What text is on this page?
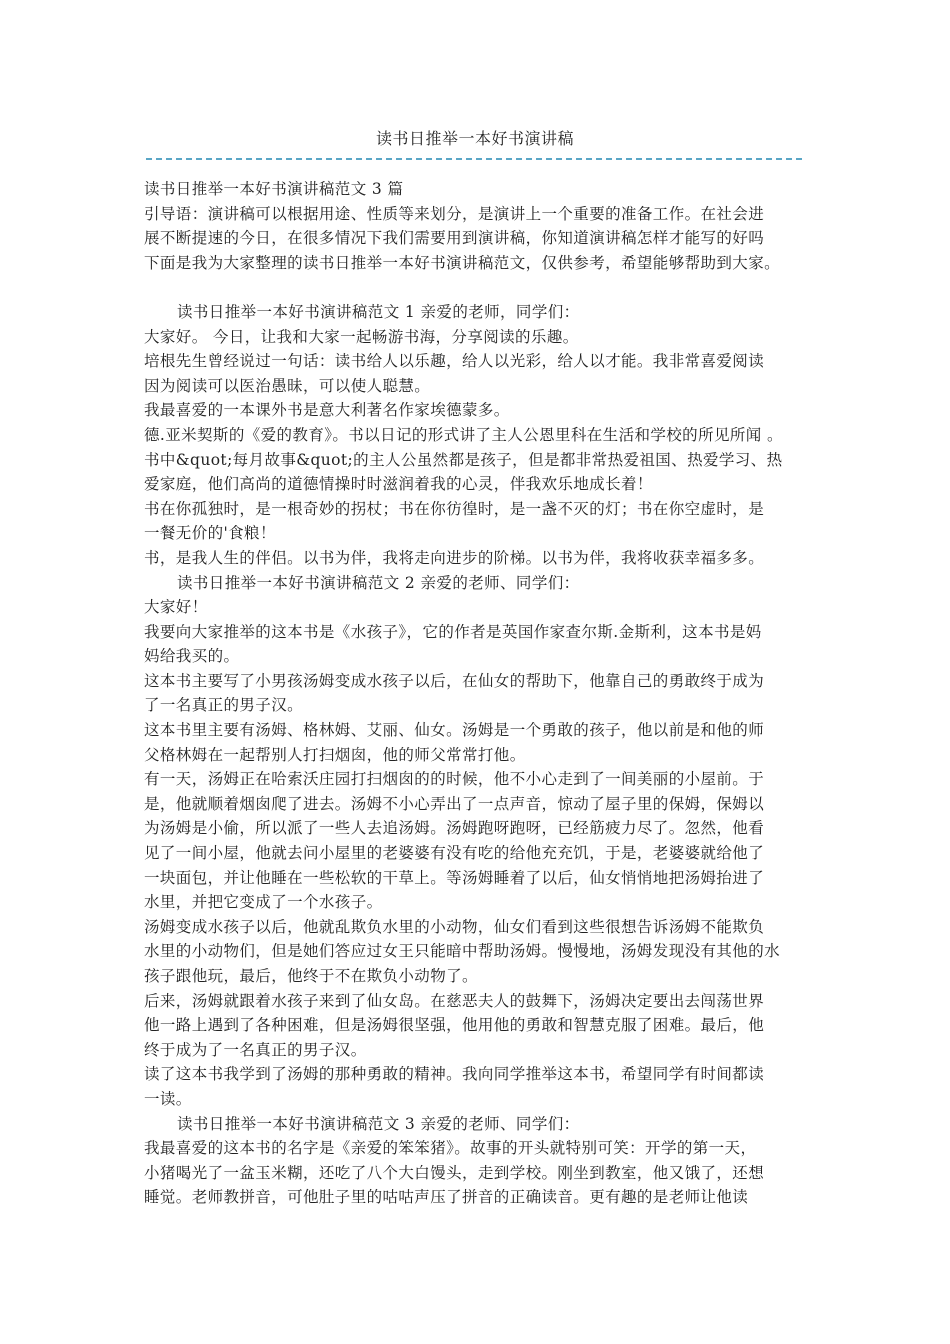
读书日推举一本好书演讲稿
读书日推举一本好书演讲稿范文 3 篇
引导语：演讲稿可以根据用途、性质等来划分，是演讲上一个重要的准备工作。在社会进
展不断提速的今日，在很多情况下我们需要用到演讲稿，你知道演讲稿怎样才能写的好吗
下面是我为大家整理的读书日推举一本好书演讲稿范文，仅供参考，希望能够帮助到大家。
读书日推举一本好书演讲稿范文 1 亲爱的老师，同学们：
大家好。 今日，让我和大家一起畅游书海，分享阅读的乐趣。
培根先生曾经说过一句话：读书给人以乐趣，给人以光彩，给人以才能。我非常喜爱阅读
因为阅读可以医治愚昧，可以使人聪慧。
我最喜爱的一本课外书是意大利著名作家埃德蒙多。
德.亚米契斯的《爱的教育》。书以日记的形式讲了主人公恩里科在生活和学校的所见所闻 。
书中&quot;每月故事&quot;的主人公虽然都是孩子，但是都非常热爱祖国、热爱学习、热
爱家庭，他们高尚的道德情操时时滋润着我的心灵，伴我欢乐地成长着！
书在你孤独时，是一根奇妙的拐杖；书在你彷徨时，是一盏不灭的灯；书在你空虚时，是
一餐无价的'食粮！
书，是我人生的伴侣。以书为伴，我将走向进步的阶梯。以书为伴，我将收获幸福多多。
读书日推举一本好书演讲稿范文 2 亲爱的老师、同学们：
大家好！
我要向大家推举的这本书是《水孩子》，它的作者是英国作家查尔斯.金斯利，这本书是妈
妈给我买的。
这本书主要写了小男孩汤姆变成水孩子以后，在仙女的帮助下，他靠自己的勇敢终于成为
了一名真正的男子汉。
这本书里主要有汤姆、格林姆、艾丽、仙女。汤姆是一个勇敢的孩子，他以前是和他的师
父格林姆在一起帮别人打扫烟囱，他的师父常常打他。
有一天，汤姆正在哈索沃庄园打扫烟囱的的时候，他不小心走到了一间美丽的小屋前。于
是，他就顺着烟囱爬了进去。汤姆不小心弄出了一点声音，惊动了屋子里的保姆，保姆以
为汤姆是小偷，所以派了一些人去追汤姆。汤姆跑呀跑呀，已经筋疲力尽了。忽然，他看
见了一间小屋，他就去问小屋里的老婆婆有没有吃的给他充充饥，于是，老婆婆就给他了
一块面包，并让他睡在一些松软的干草上。等汤姆睡着了以后，仙女悄悄地把汤姆抬进了
水里，并把它变成了一个水孩子。
汤姆变成水孩子以后，他就乱欺负水里的小动物，仙女们看到这些很想告诉汤姆不能欺负
水里的小动物们，但是她们答应过女王只能暗中帮助汤姆。慢慢地，汤姆发现没有其他的水
孩子跟他玩，最后，他终于不在欺负小动物了。
后来，汤姆就跟着水孩子来到了仙女岛。在慈恶夫人的鼓舞下，汤姆决定要出去闯荡世界
他一路上遇到了各种困难，但是汤姆很坚强，他用他的勇敢和智慧克服了困难。最后，他
终于成为了一名真正的男子汉。
读了这本书我学到了汤姆的那种勇敢的精神。我向同学推举这本书，希望同学有时间都读
一读。
读书日推举一本好书演讲稿范文 3 亲爱的老师、同学们：
我最喜爱的这本书的名字是《亲爱的笨笨猪》。故事的开头就特别可笑：开学的第一天，
小猪喝光了一盆玉米糊，还吃了八个大白馒头，走到学校。刚坐到教室，他又饿了，还想
睡觉。老师教拼音，可他肚子里的咕咕声压了拼音的正确读音。更有趣的是老师让他读
